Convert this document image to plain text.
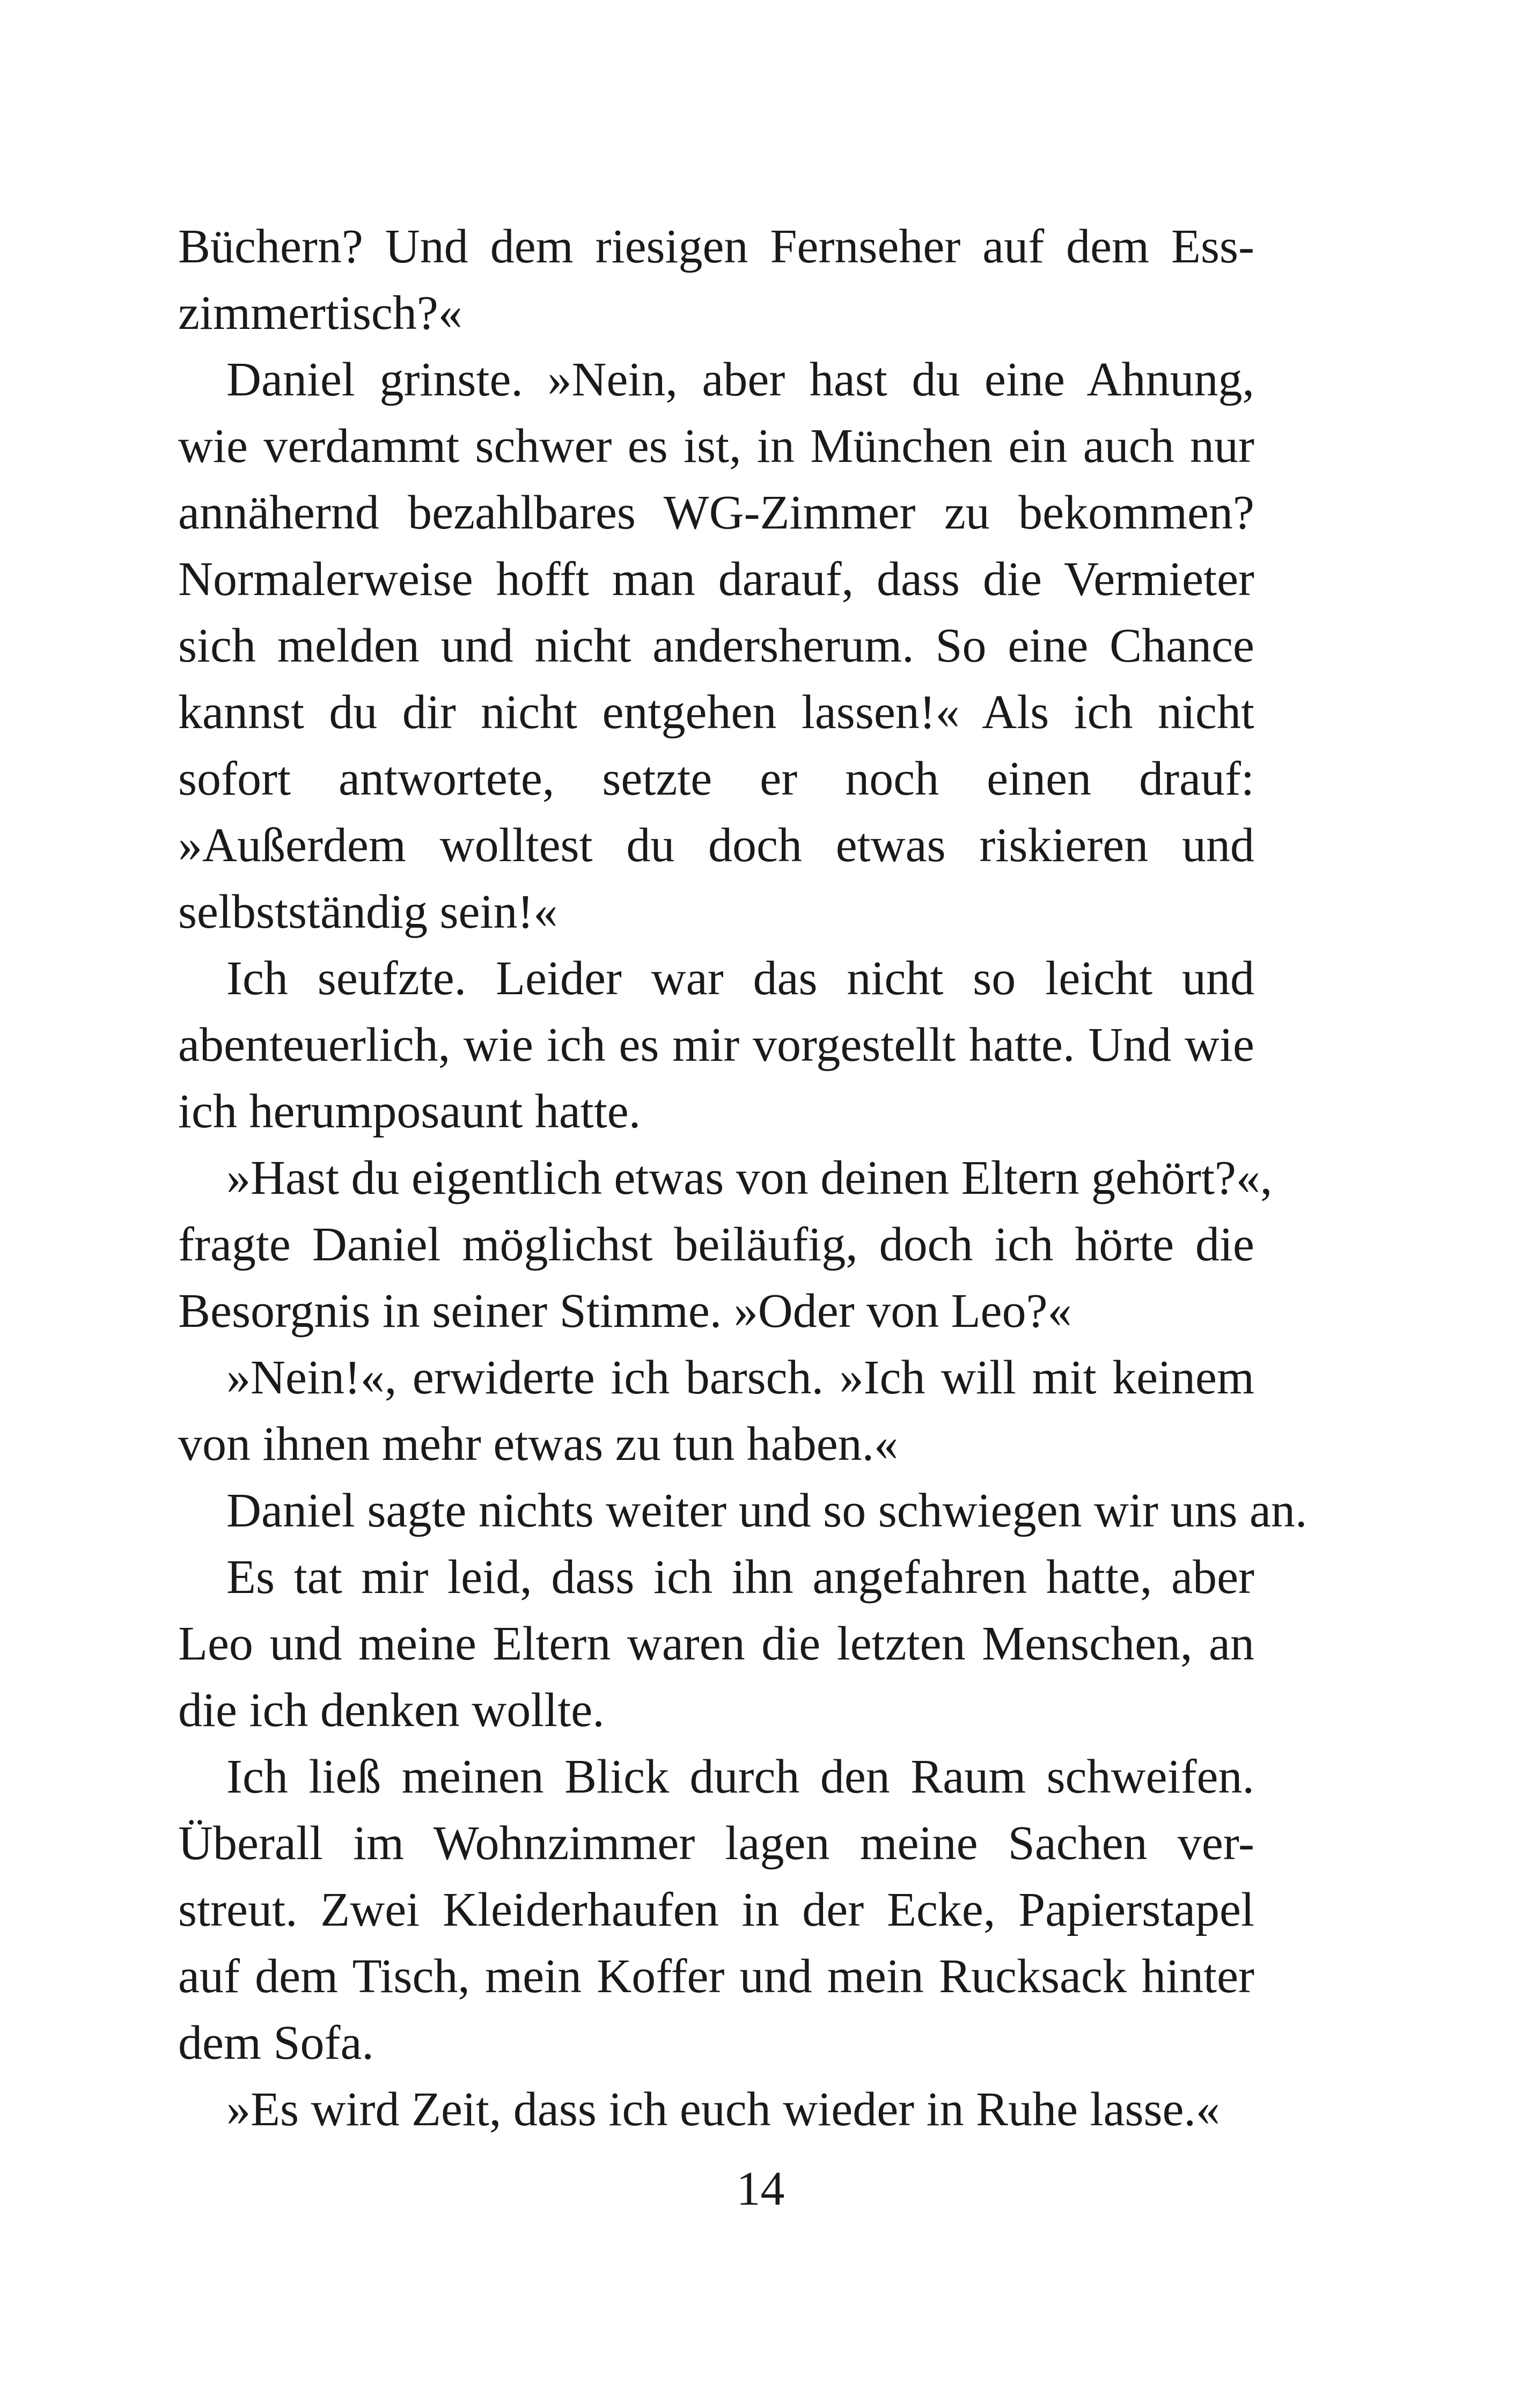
Büchern? Und dem riesigen Fernseher auf dem Ess-
zimmertisch?«
Daniel grinste. »Nein, aber hast du eine Ahnung,
wie verdammt schwer es ist, in München ein auch nur
annähernd bezahlbares WG-Zimmer zu bekommen?
Normalerweise hofft man darauf, dass die Vermieter
sich melden und nicht andersherum. So eine Chance
kannst du dir nicht entgehen lassen!« Als ich nicht
sofort antwortete, setzte er noch einen drauf:
»Außerdem wolltest du doch etwas riskieren und
selbstständig sein!«
Ich seufzte. Leider war das nicht so leicht und
abenteuerlich, wie ich es mir vorgestellt hatte. Und wie
ich herumposaunt hatte.
»Hast du eigentlich etwas von deinen Eltern gehört?«,
fragte Daniel möglichst beiläufig, doch ich hörte die
Besorgnis in seiner Stimme. »Oder von Leo?«
»Nein!«, erwiderte ich barsch. »Ich will mit keinem
von ihnen mehr etwas zu tun haben.«
Daniel sagte nichts weiter und so schwiegen wir uns an.
Es tat mir leid, dass ich ihn angefahren hatte, aber
Leo und meine Eltern waren die letzten Menschen, an
die ich denken wollte.
Ich ließ meinen Blick durch den Raum schweifen.
Überall im Wohnzimmer lagen meine Sachen ver-
streut. Zwei Kleiderhaufen in der Ecke, Papierstapel
auf dem Tisch, mein Koffer und mein Rucksack hinter
dem Sofa.
»Es wird Zeit, dass ich euch wieder in Ruhe lasse.«
14
